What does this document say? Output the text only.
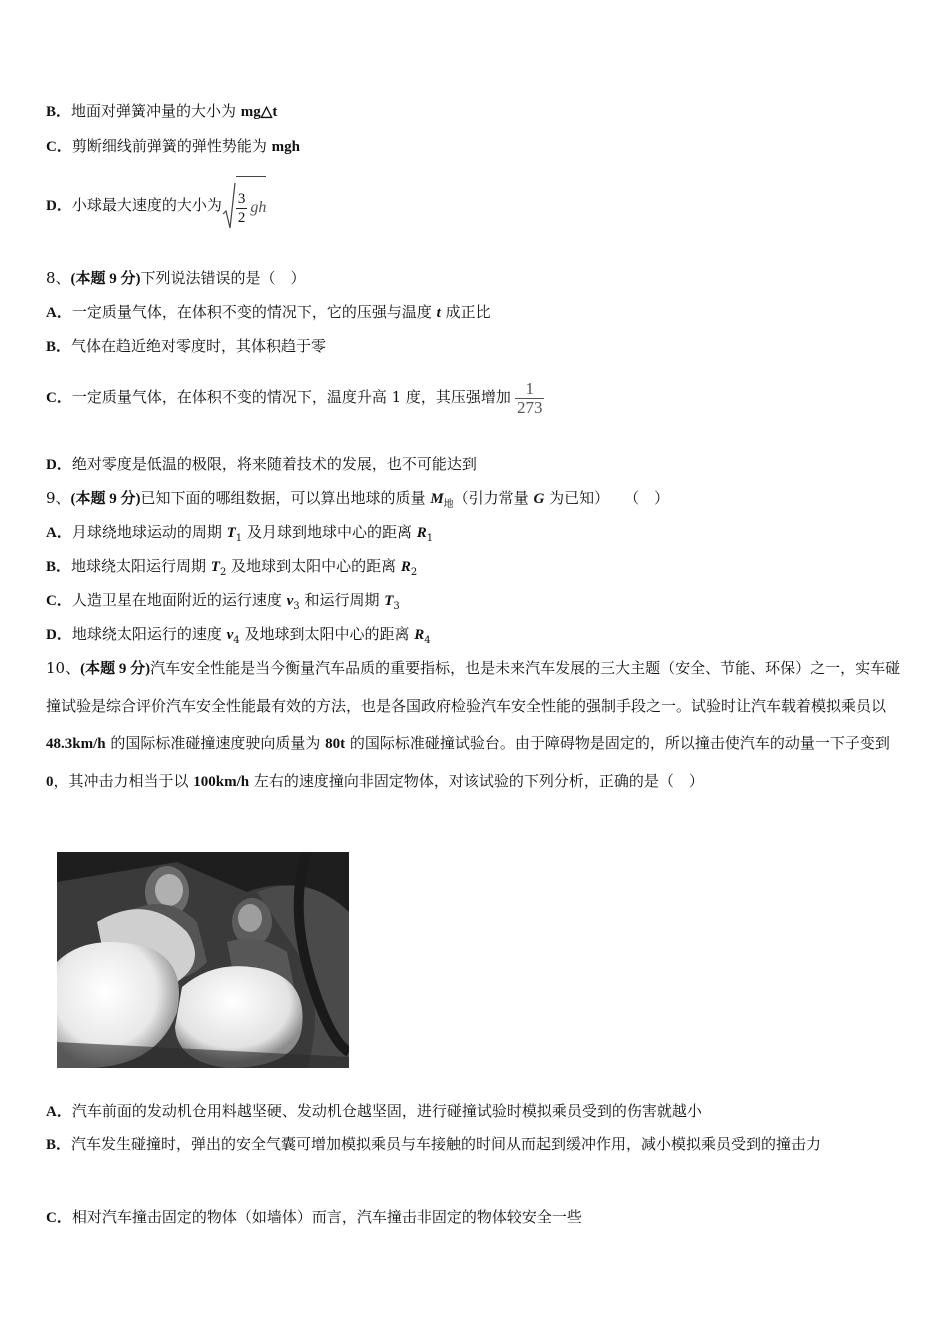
B．地面对弹簧冲量的大小为 mg△t
C．剪断细线前弹簧的弹性势能为 mgh
D．小球最大速度的大小为 $\frac{3}{2}$ gh
8、(本题 9 分)下列说法错误的是（　）
A．一定质量气体，在体积不变的情况下，它的压强与温度 t 成正比
B．气体在趋近绝对零度时，其体积趋于零
C．一定质量气体，在体积不变的情况下，温度升高 1 度，其压强增加 $\frac{1}{273}$
D．绝对零度是低温的极限，将来随着技术的发展，也不可能达到
9、(本题 9 分)已知下面的哪组数据，可以算出地球的质量 $M_地$（引力常量 G 为已知）　　（　）
A．月球绕地球运动的周期 $T_1$ 及月球到地球中心的距离 $R_1$
B．地球绕太阳运行周期 $T_2$ 及地球到太阳中心的距离 $R_2$
C．人造卫星在地面附近的运行速度 $v_3$ 和运行周期 $T_3$
D．地球绕太阳运行的速度 $v_4$ 及地球到太阳中心的距离 $R_4$
10、(本题 9 分)汽车安全性能是当今衡量汽车品质的重要指标，也是未来汽车发展的三大主题（安全、节能、环保）之一，实车碰撞试验是综合评价汽车安全性能最有效的方法，也是各国政府检验汽车安全性能的强制手段之一。试验时让汽车载着模拟乘员以 48.3km/h 的国际标准碰撞速度驶向质量为 80t 的国际标准碰撞试验台。由于障碍物是固定的，所以撞击使汽车的动量一下子变到 0，其冲击力相当于以 100km/h 左右的速度撞向非固定物体，对该试验的下列分析，正确的是（　）
A．汽车前面的发动机仓用料越坚硬、发动机仓越坚固，进行碰撞试验时模拟乘员受到的伤害就越小
B．汽车发生碰撞时，弹出的安全气囊可增加模拟乘员与车接触的时间从而起到缓冲作用，减小模拟乘员受到的撞击力
C．相对汽车撞击固定的物体（如墙体）而言，汽车撞击非固定的物体较安全一些
